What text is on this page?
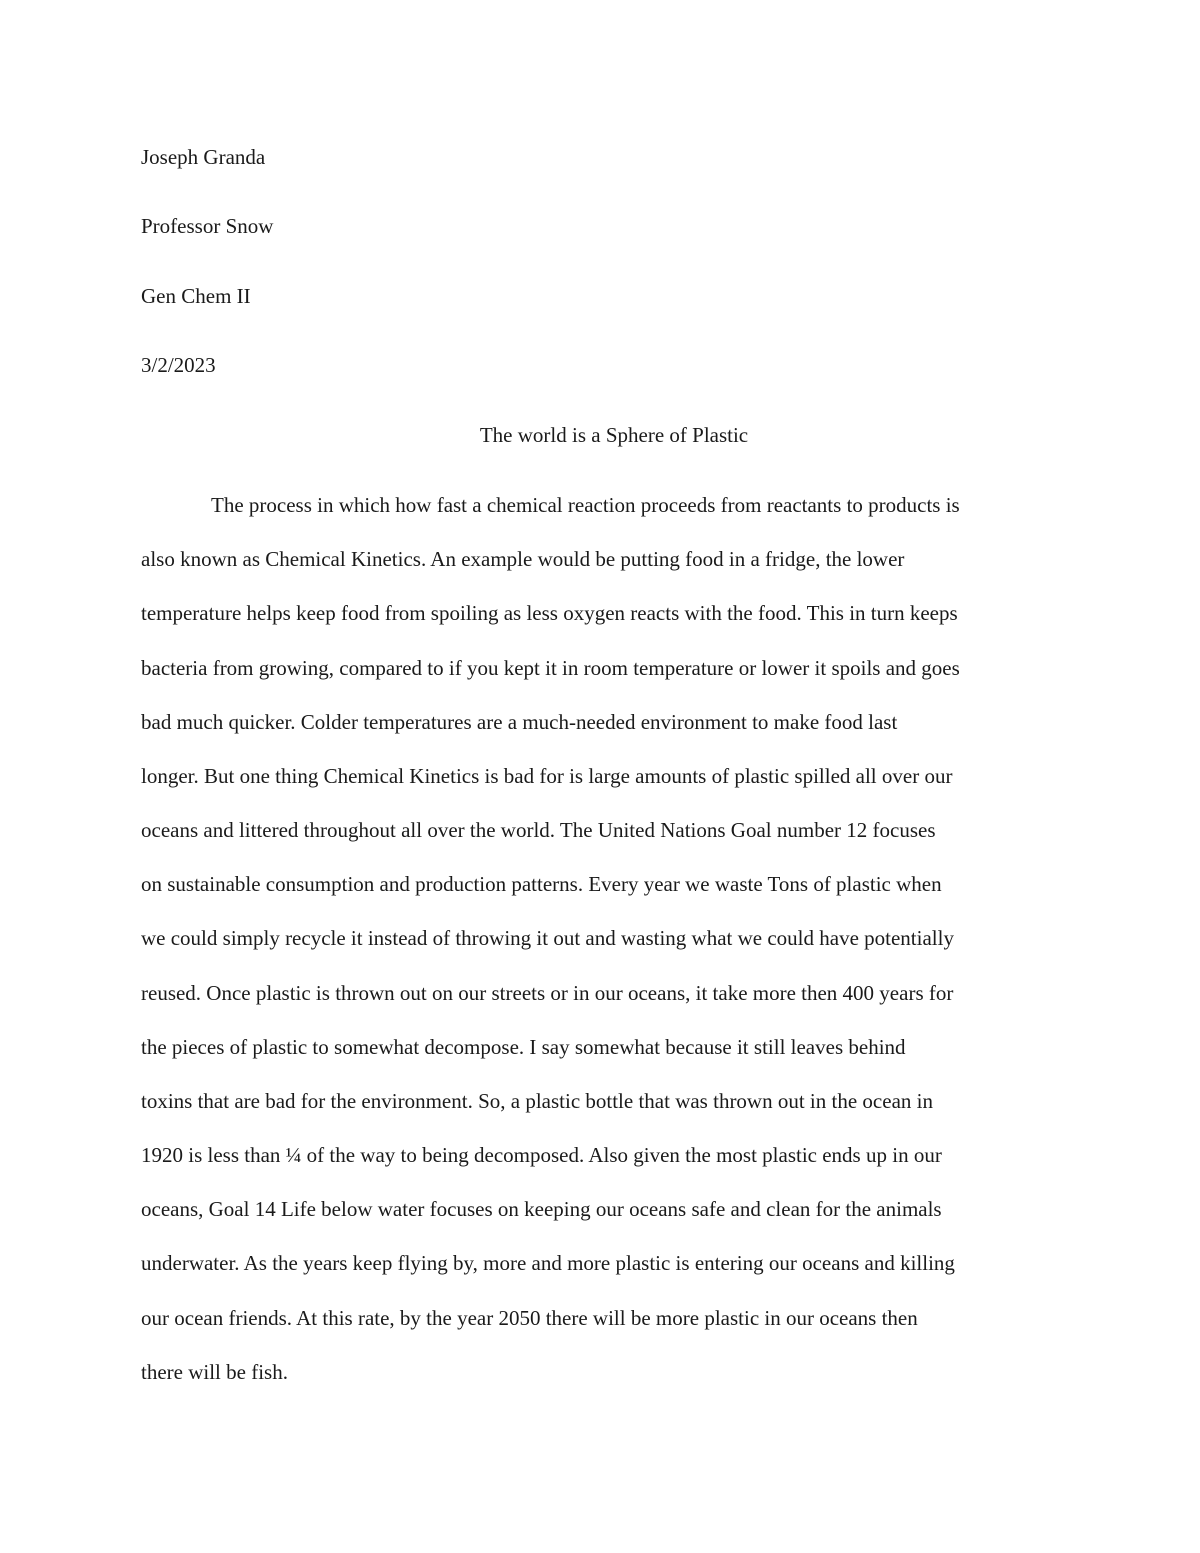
Joseph Granda
Professor Snow
Gen Chem II
3/2/2023
The world is a Sphere of Plastic
The process in which how fast a chemical reaction proceeds from reactants to products is
also known as Chemical Kinetics. An example would be putting food in a fridge, the lower
temperature helps keep food from spoiling as less oxygen reacts with the food. This in turn keeps
bacteria from growing, compared to if you kept it in room temperature or lower it spoils and goes
bad much quicker. Colder temperatures are a much-needed environment to make food last
longer. But one thing Chemical Kinetics is bad for is large amounts of plastic spilled all over our
oceans and littered throughout all over the world. The United Nations Goal number 12 focuses
on sustainable consumption and production patterns. Every year we waste Tons of plastic when
we could simply recycle it instead of throwing it out and wasting what we could have potentially
reused. Once plastic is thrown out on our streets or in our oceans, it take more then 400 years for
the pieces of plastic to somewhat decompose. I say somewhat because it still leaves behind
toxins that are bad for the environment. So, a plastic bottle that was thrown out in the ocean in
1920 is less than ¼ of the way to being decomposed. Also given the most plastic ends up in our
oceans, Goal 14 Life below water focuses on keeping our oceans safe and clean for the animals
underwater. As the years keep flying by, more and more plastic is entering our oceans and killing
our ocean friends. At this rate, by the year 2050 there will be more plastic in our oceans then
there will be fish.
